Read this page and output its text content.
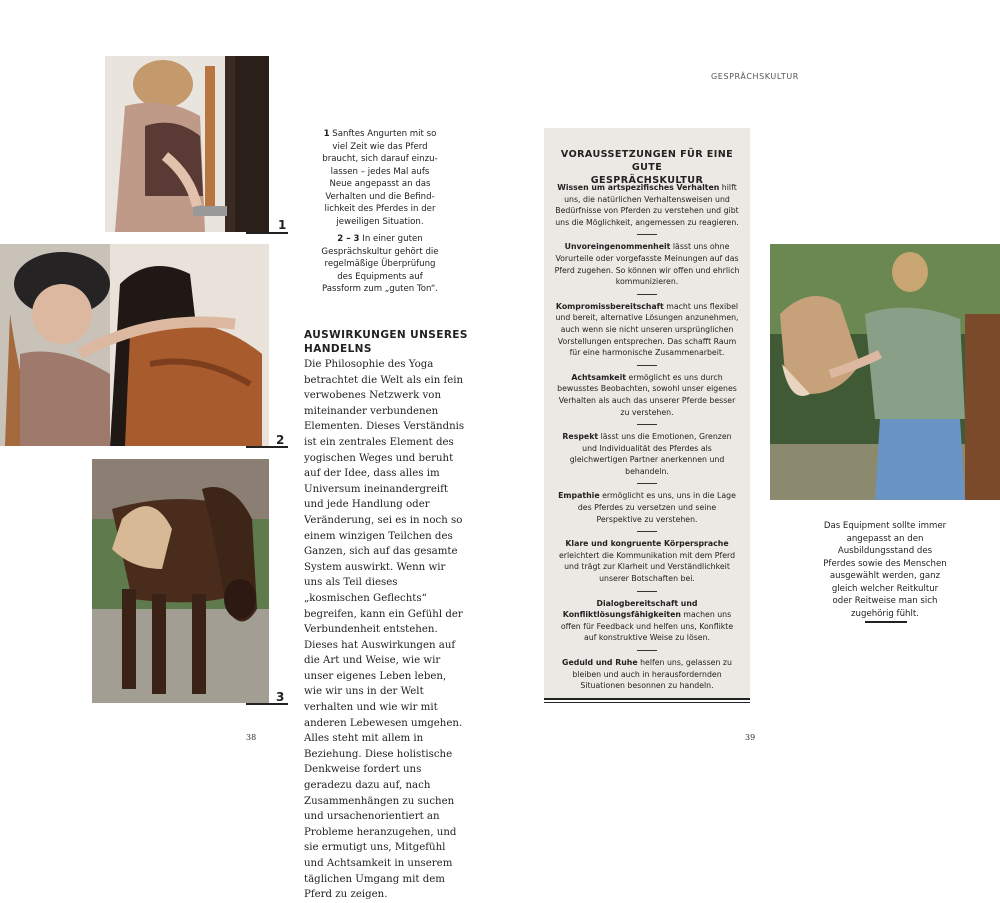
GESPRÄCHSKULTUR
1
2
3
1 Sanftes Angurten mit so viel Zeit wie das Pferd braucht, sich darauf einzulassen – jedes Mal aufs Neue angepasst an das Verhalten und die Befindlichkeit des Pferdes in der jeweiligen Situation.
2 – 3 In einer guten Gesprächskultur gehört die regelmäßige Überprüfung des Equipments auf Passform zum „guten Ton“.
AUSWIRKUNGEN UNSERES
HANDELNS
Die Philosophie des Yoga betrachtet die Welt als ein fein verwobenes Netzwerk von miteinander verbundenen Elementen. Dieses Verständnis ist ein zentrales Element des yogischen Weges und beruht auf der Idee, dass alles im Universum ineinandergreift und jede Handlung oder Veränderung, sei es in noch so einem winzigen Teilchen des Ganzen, sich auf das gesamte System auswirkt. Wenn wir uns als Teil dieses „kosmischen Geflechts“ begreifen, kann ein Gefühl der Verbundenheit entstehen. Dieses hat Auswirkungen auf die Art und Weise, wie wir unser eigenes Leben leben, wie wir uns in der Welt verhalten und wie wir mit anderen Lebewesen umgehen. Alles steht mit allem in Beziehung. Diese holistische Denkweise fordert uns geradezu dazu auf, nach Zusammenhängen zu suchen und ursachenorientiert an Probleme heranzugehen, und sie ermutigt uns, Mitgefühl und Achtsamkeit in unserem täglichen Umgang mit dem Pferd zu zeigen.
VORAUSSETZUNGEN FÜR EINE GUTE
GESPRÄCHSKULTUR
Wissen um artspezifisches Verhalten hilft uns, die natürlichen Verhaltensweisen und Bedürfnisse von Pferden zu verstehen und gibt uns die Möglichkeit, angemessen zu reagieren.
Unvoreingenommenheit lässt uns ohne Vorurteile oder vorgefasste Meinungen auf das Pferd zugehen. So können wir offen und ehrlich kommunizieren.
Kompromissbereitschaft macht uns flexibel und bereit, alternative Lösungen anzunehmen, auch wenn sie nicht unseren ursprünglichen Vorstellungen entsprechen. Das schafft Raum für eine harmonische Zusammenarbeit.
Achtsamkeit ermöglicht es uns durch bewusstes Beobachten, sowohl unser eigenes Verhalten als auch das unserer Pferde besser zu verstehen.
Respekt lässt uns die Emotionen, Grenzen und Individualität des Pferdes als gleichwertigen Partner anerkennen und behandeln.
Empathie ermöglicht es uns, uns in die Lage des Pferdes zu versetzen und seine Perspektive zu verstehen.
Klare und kongruente Körpersprache erleichtert die Kommunikation mit dem Pferd und trägt zur Klarheit und Verständlichkeit unserer Botschaften bei.
Dialogbereitschaft und Konfliktlösungsfähigkeiten machen uns offen für Feedback und helfen uns, Konflikte auf konstruktive Weise zu lösen.
Geduld und Ruhe helfen uns, gelassen zu bleiben und auch in herausfordernden Situationen besonnen zu handeln.
Das Equipment sollte immer angepasst an den Ausbildungsstand des Pferdes sowie des Menschen ausgewählt werden, ganz gleich welcher Reitkultur oder Reitweise man sich zugehörig fühlt.
38	39
